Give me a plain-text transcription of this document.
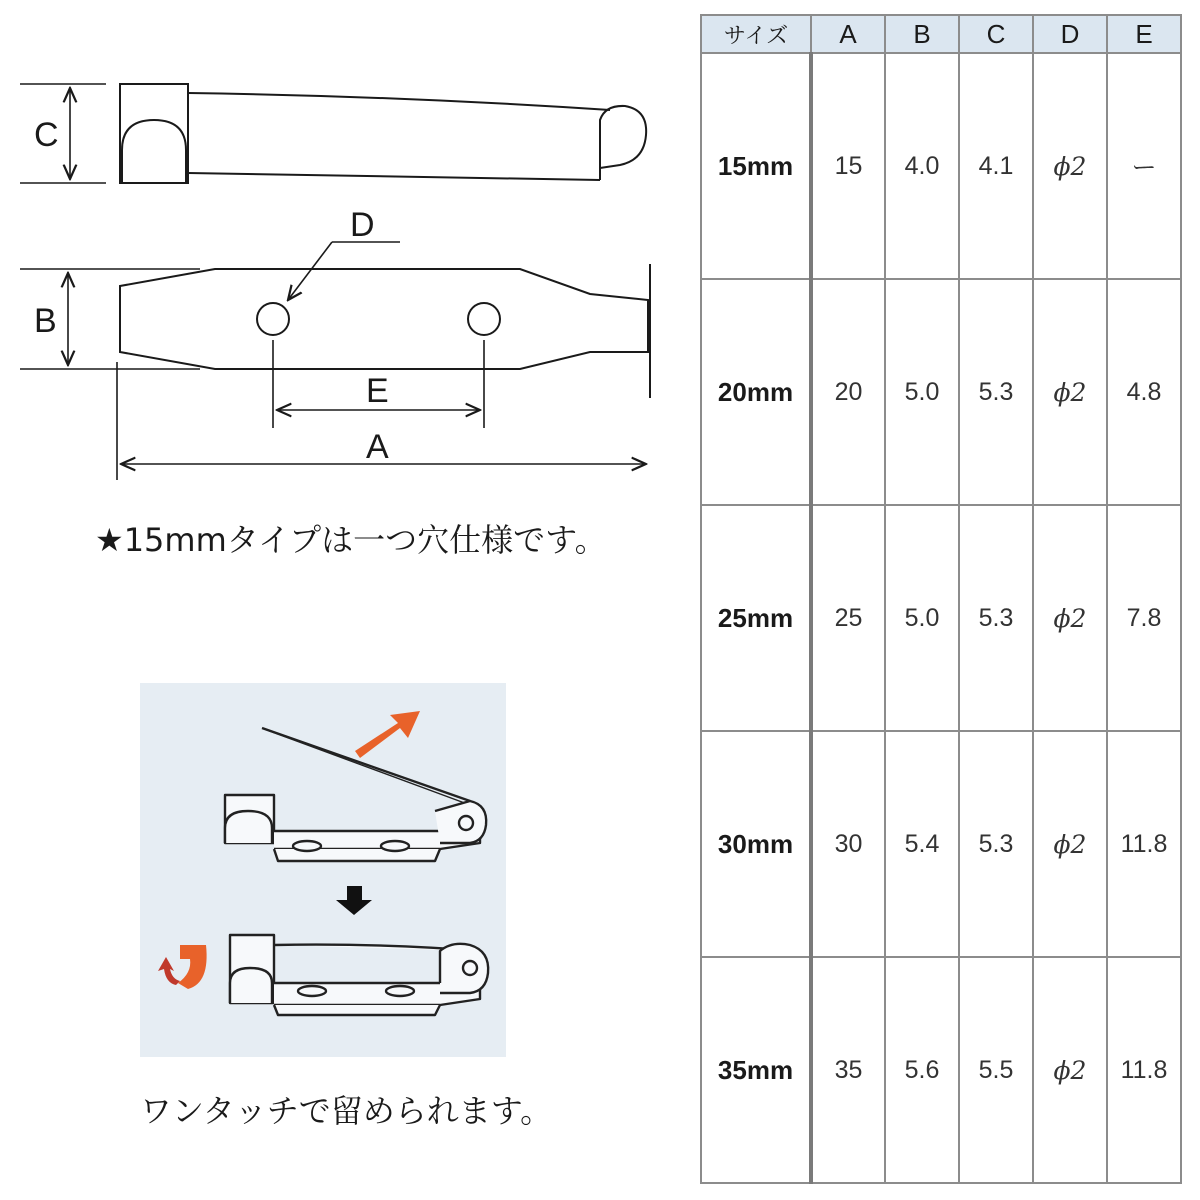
C
B
D
E
A
★15mmタイプは一つ穴仕様です。
ワンタッチで留められます。
サイズ	A	B	C	D	E
15mm	15	4.0	4.1	ϕ2	ー
20mm	20	5.0	5.3	ϕ2	4.8
25mm	25	5.0	5.3	ϕ2	7.8
30mm	30	5.4	5.3	ϕ2	11.8
35mm	35	5.6	5.5	ϕ2	11.8
